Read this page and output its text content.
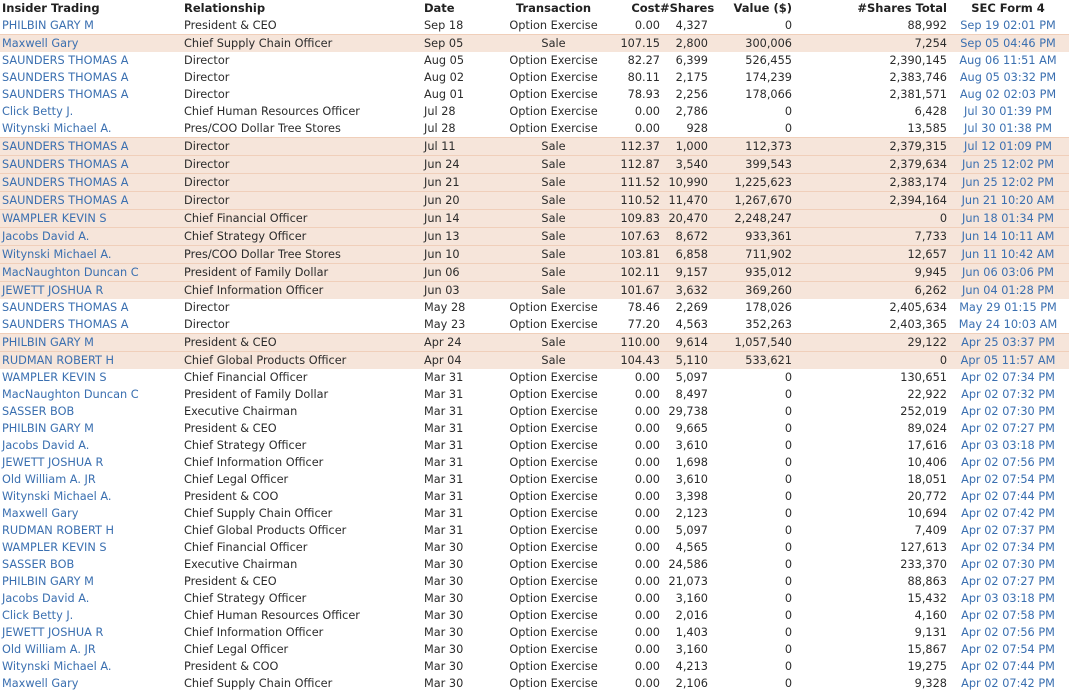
Insider Trading	Relationship	Date	Transaction	Cost	#Shares	Value ($)	#Shares Total	SEC Form 4
PHILBIN GARY M	President & CEO	Sep 18	Option Exercise	0.00	4,327	0	88,992	Sep 19 02:01 PM
Maxwell Gary	Chief Supply Chain Officer	Sep 05	Sale	107.15	2,800	300,006	7,254	Sep 05 04:46 PM
SAUNDERS THOMAS A	Director	Aug 05	Option Exercise	82.27	6,399	526,455	2,390,145	Aug 06 11:51 AM
SAUNDERS THOMAS A	Director	Aug 02	Option Exercise	80.11	2,175	174,239	2,383,746	Aug 05 03:32 PM
SAUNDERS THOMAS A	Director	Aug 01	Option Exercise	78.93	2,256	178,066	2,381,571	Aug 02 02:03 PM
Click Betty J.	Chief Human Resources Officer	Jul 28	Option Exercise	0.00	2,786	0	6,428	Jul 30 01:39 PM
Witynski Michael A.	Pres/COO Dollar Tree Stores	Jul 28	Option Exercise	0.00	928	0	13,585	Jul 30 01:38 PM
SAUNDERS THOMAS A	Director	Jul 11	Sale	112.37	1,000	112,373	2,379,315	Jul 12 01:09 PM
SAUNDERS THOMAS A	Director	Jun 24	Sale	112.87	3,540	399,543	2,379,634	Jun 25 12:02 PM
SAUNDERS THOMAS A	Director	Jun 21	Sale	111.52	10,990	1,225,623	2,383,174	Jun 25 12:02 PM
SAUNDERS THOMAS A	Director	Jun 20	Sale	110.52	11,470	1,267,670	2,394,164	Jun 21 10:20 AM
WAMPLER KEVIN S	Chief Financial Officer	Jun 14	Sale	109.83	20,470	2,248,247	0	Jun 18 01:34 PM
Jacobs David A.	Chief Strategy Officer	Jun 13	Sale	107.63	8,672	933,361	7,733	Jun 14 10:11 AM
Witynski Michael A.	Pres/COO Dollar Tree Stores	Jun 10	Sale	103.81	6,858	711,902	12,657	Jun 11 10:42 AM
MacNaughton Duncan C	President of Family Dollar	Jun 06	Sale	102.11	9,157	935,012	9,945	Jun 06 03:06 PM
JEWETT JOSHUA R	Chief Information Officer	Jun 03	Sale	101.67	3,632	369,260	6,262	Jun 04 01:28 PM
SAUNDERS THOMAS A	Director	May 28	Option Exercise	78.46	2,269	178,026	2,405,634	May 29 01:15 PM
SAUNDERS THOMAS A	Director	May 23	Option Exercise	77.20	4,563	352,263	2,403,365	May 24 10:03 AM
PHILBIN GARY M	President & CEO	Apr 24	Sale	110.00	9,614	1,057,540	29,122	Apr 25 03:37 PM
RUDMAN ROBERT H	Chief Global Products Officer	Apr 04	Sale	104.43	5,110	533,621	0	Apr 05 11:57 AM
WAMPLER KEVIN S	Chief Financial Officer	Mar 31	Option Exercise	0.00	5,097	0	130,651	Apr 02 07:34 PM
MacNaughton Duncan C	President of Family Dollar	Mar 31	Option Exercise	0.00	8,497	0	22,922	Apr 02 07:32 PM
SASSER BOB	Executive Chairman	Mar 31	Option Exercise	0.00	29,738	0	252,019	Apr 02 07:30 PM
PHILBIN GARY M	President & CEO	Mar 31	Option Exercise	0.00	9,665	0	89,024	Apr 02 07:27 PM
Jacobs David A.	Chief Strategy Officer	Mar 31	Option Exercise	0.00	3,610	0	17,616	Apr 03 03:18 PM
JEWETT JOSHUA R	Chief Information Officer	Mar 31	Option Exercise	0.00	1,698	0	10,406	Apr 02 07:56 PM
Old William A. JR	Chief Legal Officer	Mar 31	Option Exercise	0.00	3,610	0	18,051	Apr 02 07:54 PM
Witynski Michael A.	President & COO	Mar 31	Option Exercise	0.00	3,398	0	20,772	Apr 02 07:44 PM
Maxwell Gary	Chief Supply Chain Officer	Mar 31	Option Exercise	0.00	2,123	0	10,694	Apr 02 07:42 PM
RUDMAN ROBERT H	Chief Global Products Officer	Mar 31	Option Exercise	0.00	5,097	0	7,409	Apr 02 07:37 PM
WAMPLER KEVIN S	Chief Financial Officer	Mar 30	Option Exercise	0.00	4,565	0	127,613	Apr 02 07:34 PM
SASSER BOB	Executive Chairman	Mar 30	Option Exercise	0.00	24,586	0	233,370	Apr 02 07:30 PM
PHILBIN GARY M	President & CEO	Mar 30	Option Exercise	0.00	21,073	0	88,863	Apr 02 07:27 PM
Jacobs David A.	Chief Strategy Officer	Mar 30	Option Exercise	0.00	3,160	0	15,432	Apr 03 03:18 PM
Click Betty J.	Chief Human Resources Officer	Mar 30	Option Exercise	0.00	2,016	0	4,160	Apr 02 07:58 PM
JEWETT JOSHUA R	Chief Information Officer	Mar 30	Option Exercise	0.00	1,403	0	9,131	Apr 02 07:56 PM
Old William A. JR	Chief Legal Officer	Mar 30	Option Exercise	0.00	3,160	0	15,867	Apr 02 07:54 PM
Witynski Michael A.	President & COO	Mar 30	Option Exercise	0.00	4,213	0	19,275	Apr 02 07:44 PM
Maxwell Gary	Chief Supply Chain Officer	Mar 30	Option Exercise	0.00	2,106	0	9,328	Apr 02 07:42 PM
